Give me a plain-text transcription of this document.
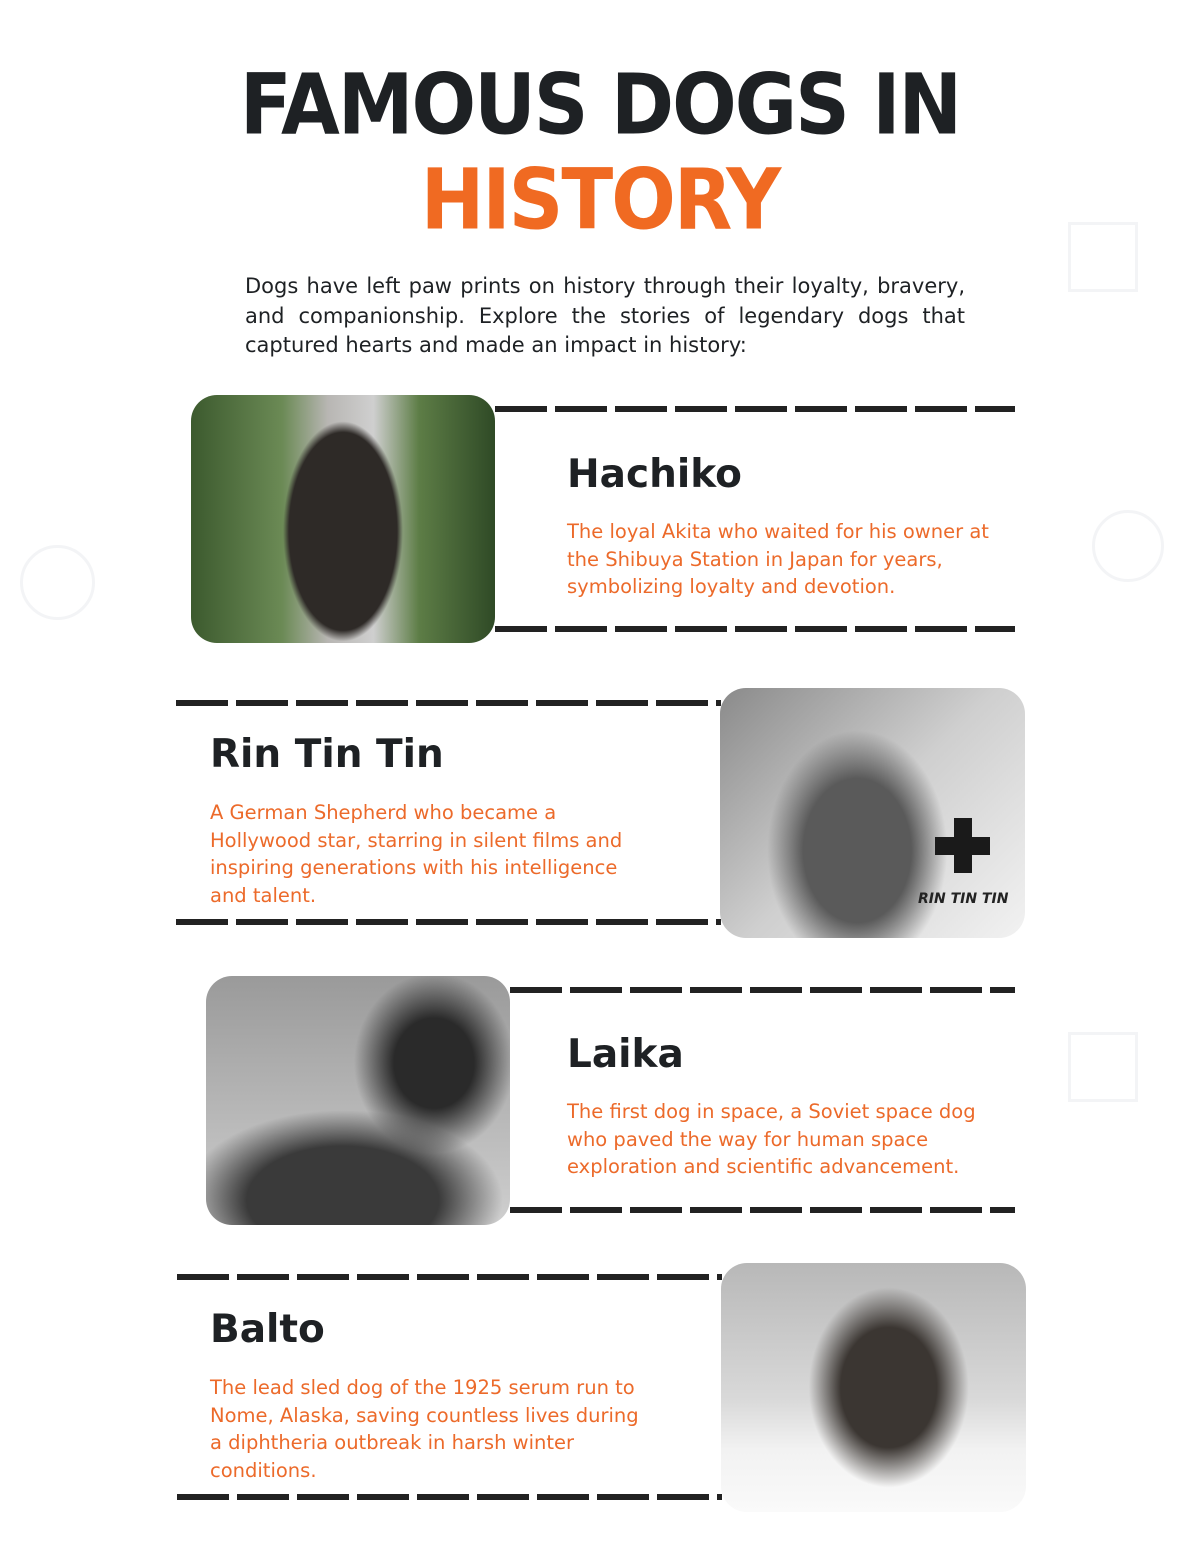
FAMOUS DOGS IN
HISTORY

Dogs have left paw prints on history through their loyalty, bravery, and companionship. Explore the stories of legendary dogs that captured hearts and made an impact in history:

Hachiko
The loyal Akita who waited for his owner at the Shibuya Station in Japan for years, symbolizing loyalty and devotion.
Rin Tin Tin
A German Shepherd who became a Hollywood star, starring in silent films and inspiring generations with his intelligence and talent.	RIN TIN TIN
Laika
The first dog in space, a Soviet space dog who paved the way for human space exploration and scientific advancement.
Balto
The lead sled dog of the 1925 serum run to Nome, Alaska, saving countless lives during a diphtheria outbreak in harsh winter conditions.
